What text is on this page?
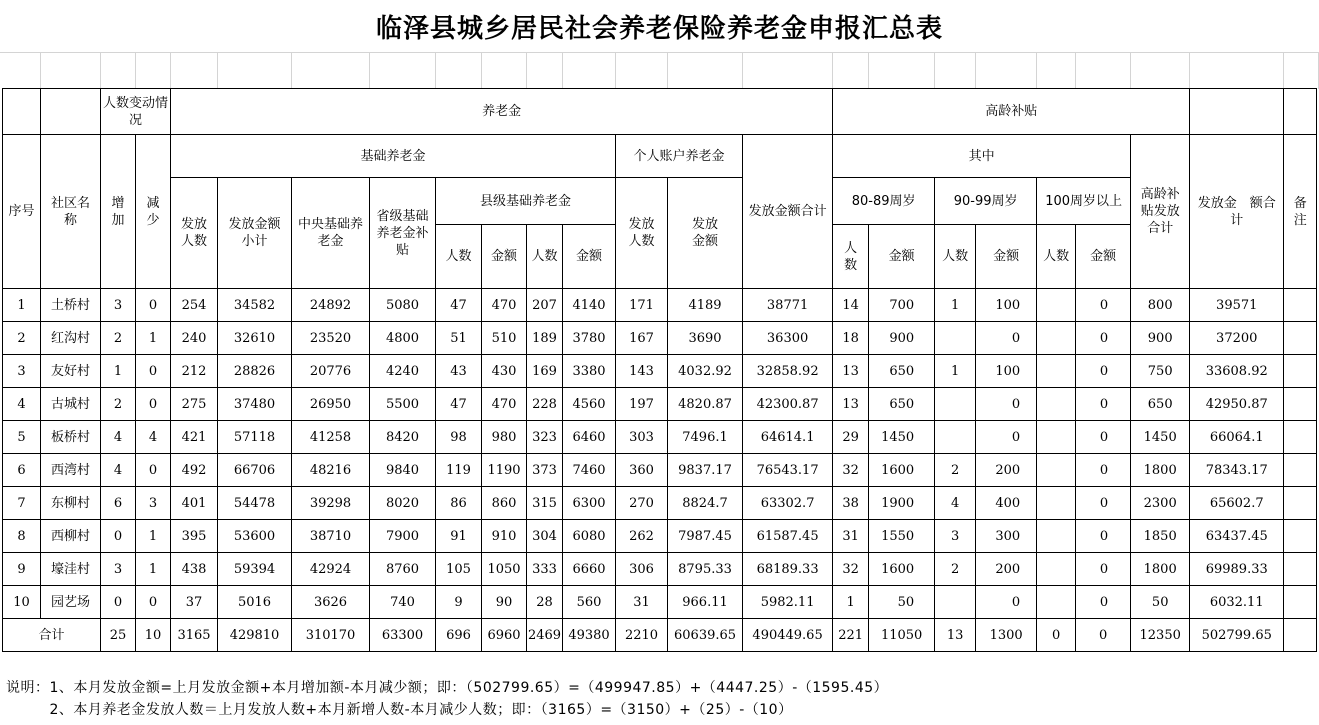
临泽县城乡居民社会养老保险养老金申报汇总表
		人数变动情况		养老金											高龄补贴								
序号	社区名称	增加	减少	基础养老金								个人账户养老金		发放金额合计	其中						高龄补贴发放合计	发放金　额合计	备注
				发放人数	发放金额小计	中央基础养老金	省级基础养老金补贴	县级基础养老金				发放人数	发放金额		80-89周岁		90-99周岁		100周岁以上				
								人数	金额	人数	金额				人数	金额	人数	金额	人数	金额			
1	土桥村	3	0	254	34582	24892	5080	47	470	207	4140	171	4189	38771	14	700	1	100		0	800	39571	
2	红沟村	2	1	240	32610	23520	4800	51	510	189	3780	167	3690	36300	18	900		0		0	900	37200	
3	友好村	1	0	212	28826	20776	4240	43	430	169	3380	143	4032.92	32858.92	13	650	1	100		0	750	33608.92	
4	古城村	2	0	275	37480	26950	5500	47	470	228	4560	197	4820.87	42300.87	13	650		0		0	650	42950.87	
5	板桥村	4	4	421	57118	41258	8420	98	980	323	6460	303	7496.1	64614.1	29	1450		0		0	1450	66064.1	
6	西湾村	4	0	492	66706	48216	9840	119	1190	373	7460	360	9837.17	76543.17	32	1600	2	200		0	1800	78343.17	
7	东柳村	6	3	401	54478	39298	8020	86	860	315	6300	270	8824.7	63302.7	38	1900	4	400		0	2300	65602.7	
8	西柳村	0	1	395	53600	38710	7900	91	910	304	6080	262	7987.45	61587.45	31	1550	3	300		0	1850	63437.45	
9	壕洼村	3	1	438	59394	42924	8760	105	1050	333	6660	306	8795.33	68189.33	32	1600	2	200		0	1800	69989.33	
10	园艺场	0	0	37	5016	3626	740	9	90	28	560	31	966.11	5982.11	1	50		0		0	50	6032.11	
合计		25	10	3165	429810	310170	63300	696	6960	2469	49380	2210	60639.65	490449.65	221	11050	13	1300	0	0	12350	502799.65	
说明：1、本月发放金额=上月发放金额+本月增加额-本月减少额；即：（502799.65）=（499947.85）+（4447.25）-（1595.45）
　　　2、本月养老金发放人数＝上月发放人数+本月新增人数-本月减少人数；即：（3165）=（3150）+（25）-（10）
